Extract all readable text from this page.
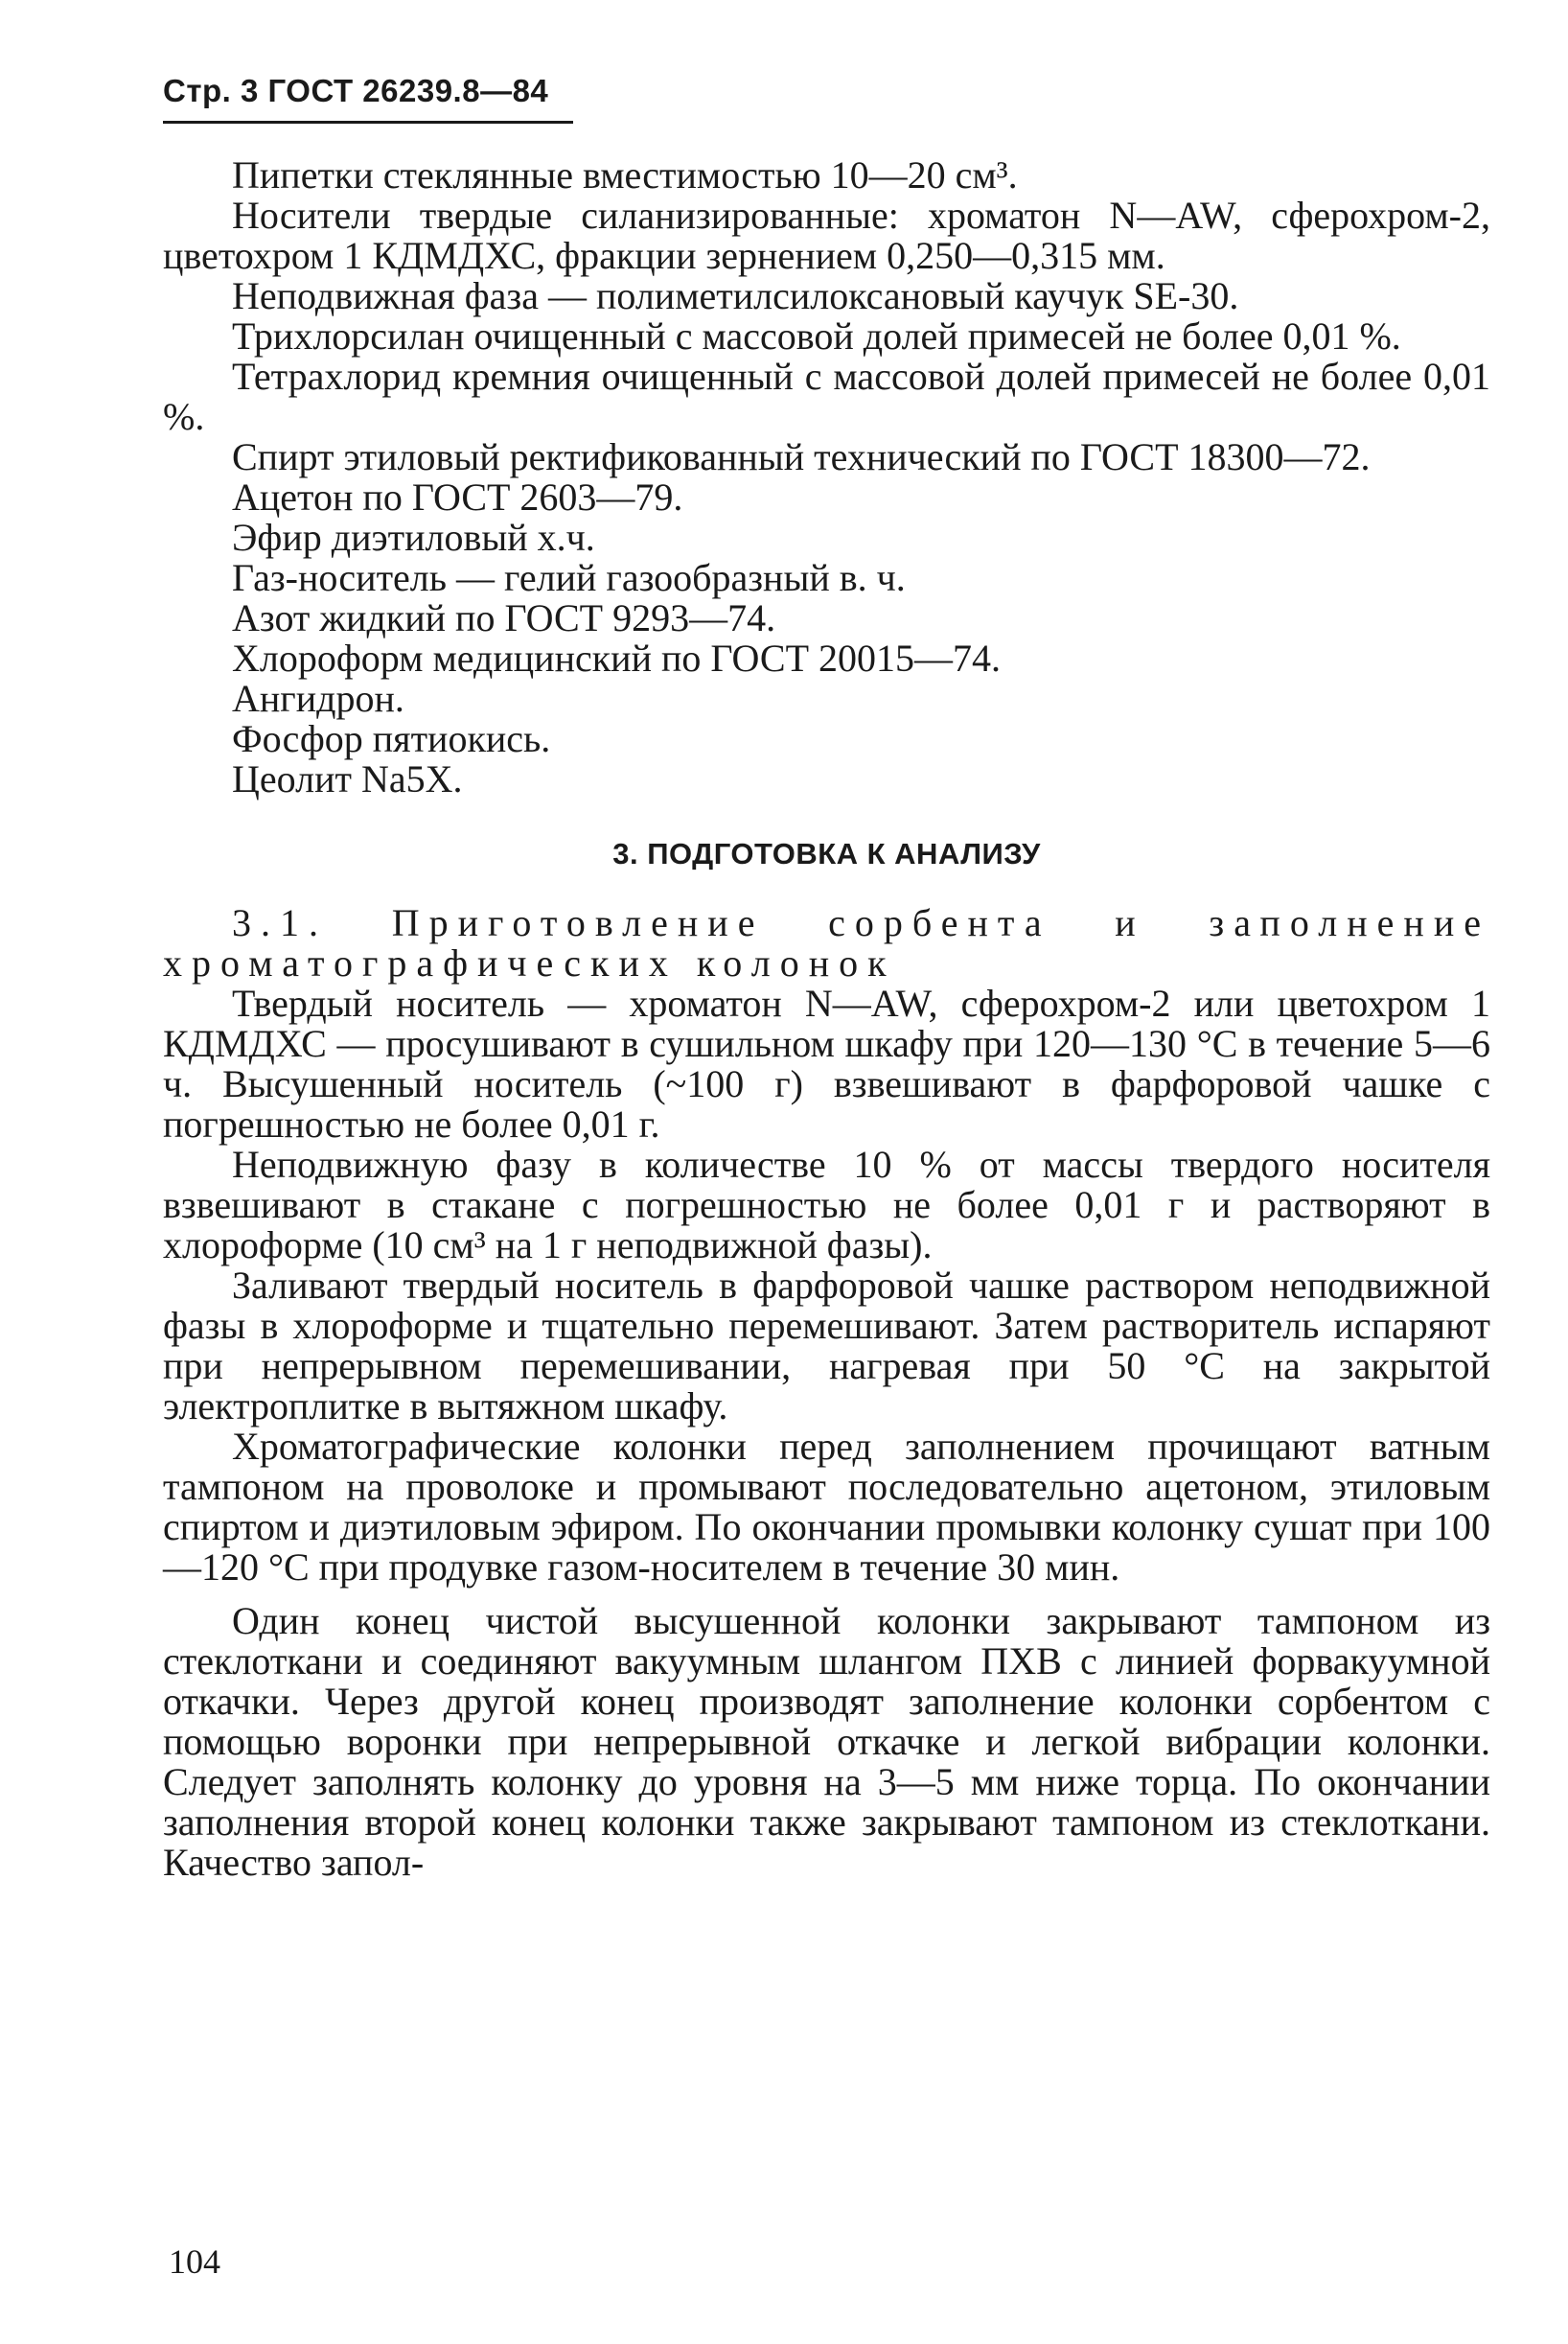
Стр. 3 ГОСТ 26239.8—84

Пипетки стеклянные вместимостью 10—20 см³.

Носители твердые силанизированные: хроматон N—AW, сферохром-2, цветохром 1 КДМДХС, фракции зернением 0,250—0,315 мм.

Неподвижная фаза — полиметилсилоксановый каучук SE-30.

Трихлорсилан очищенный с массовой долей примесей не более 0,01 %.

Тетрахлорид кремния очищенный с массовой долей примесей не более 0,01 %.

Спирт этиловый ректификованный технический по ГОСТ 18300—72.

Ацетон по ГОСТ 2603—79.

Эфир диэтиловый х.ч.

Газ-носитель — гелий газообразный в. ч.

Азот жидкий по ГОСТ 9293—74.

Хлороформ медицинский по ГОСТ 20015—74.

Ангидрон.

Фосфор пятиокись.

Цеолит Na5X.

3. ПОДГОТОВКА К АНАЛИЗУ

3.1. Приготовление сорбента и заполнение хроматографических колонок

Твердый носитель — хроматон N—AW, сферохром-2 или цветохром 1 КДМДХС — просушивают в сушильном шкафу при 120—130 °С в течение 5—6 ч. Высушенный носитель (~100 г) взвешивают в фарфоровой чашке с погрешностью не более 0,01 г.

Неподвижную фазу в количестве 10 % от массы твердого носителя взвешивают в стакане с погрешностью не более 0,01 г и растворяют в хлороформе (10 см³ на 1 г неподвижной фазы).

Заливают твердый носитель в фарфоровой чашке раствором неподвижной фазы в хлороформе и тщательно перемешивают. Затем растворитель испаряют при непрерывном перемешивании, нагревая при 50 °С на закрытой электроплитке в вытяжном шкафу.

Хроматографические колонки перед заполнением прочищают ватным тампоном на проволоке и промывают последовательно ацетоном, этиловым спиртом и диэтиловым эфиром. По окончании промывки колонку сушат при 100—120 °С при продувке газом-носителем в течение 30 мин.

Один конец чистой высушенной колонки закрывают тампоном из стеклоткани и соединяют вакуумным шлангом ПХВ с линией форвакуумной откачки. Через другой конец производят заполнение колонки сорбентом с помощью воронки при непрерывной откачке и легкой вибрации колонки. Следует заполнять колонку до уровня на 3—5 мм ниже торца. По окончании заполнения второй конец колонки также закрывают тампоном из стеклоткани. Качество запол-

104
